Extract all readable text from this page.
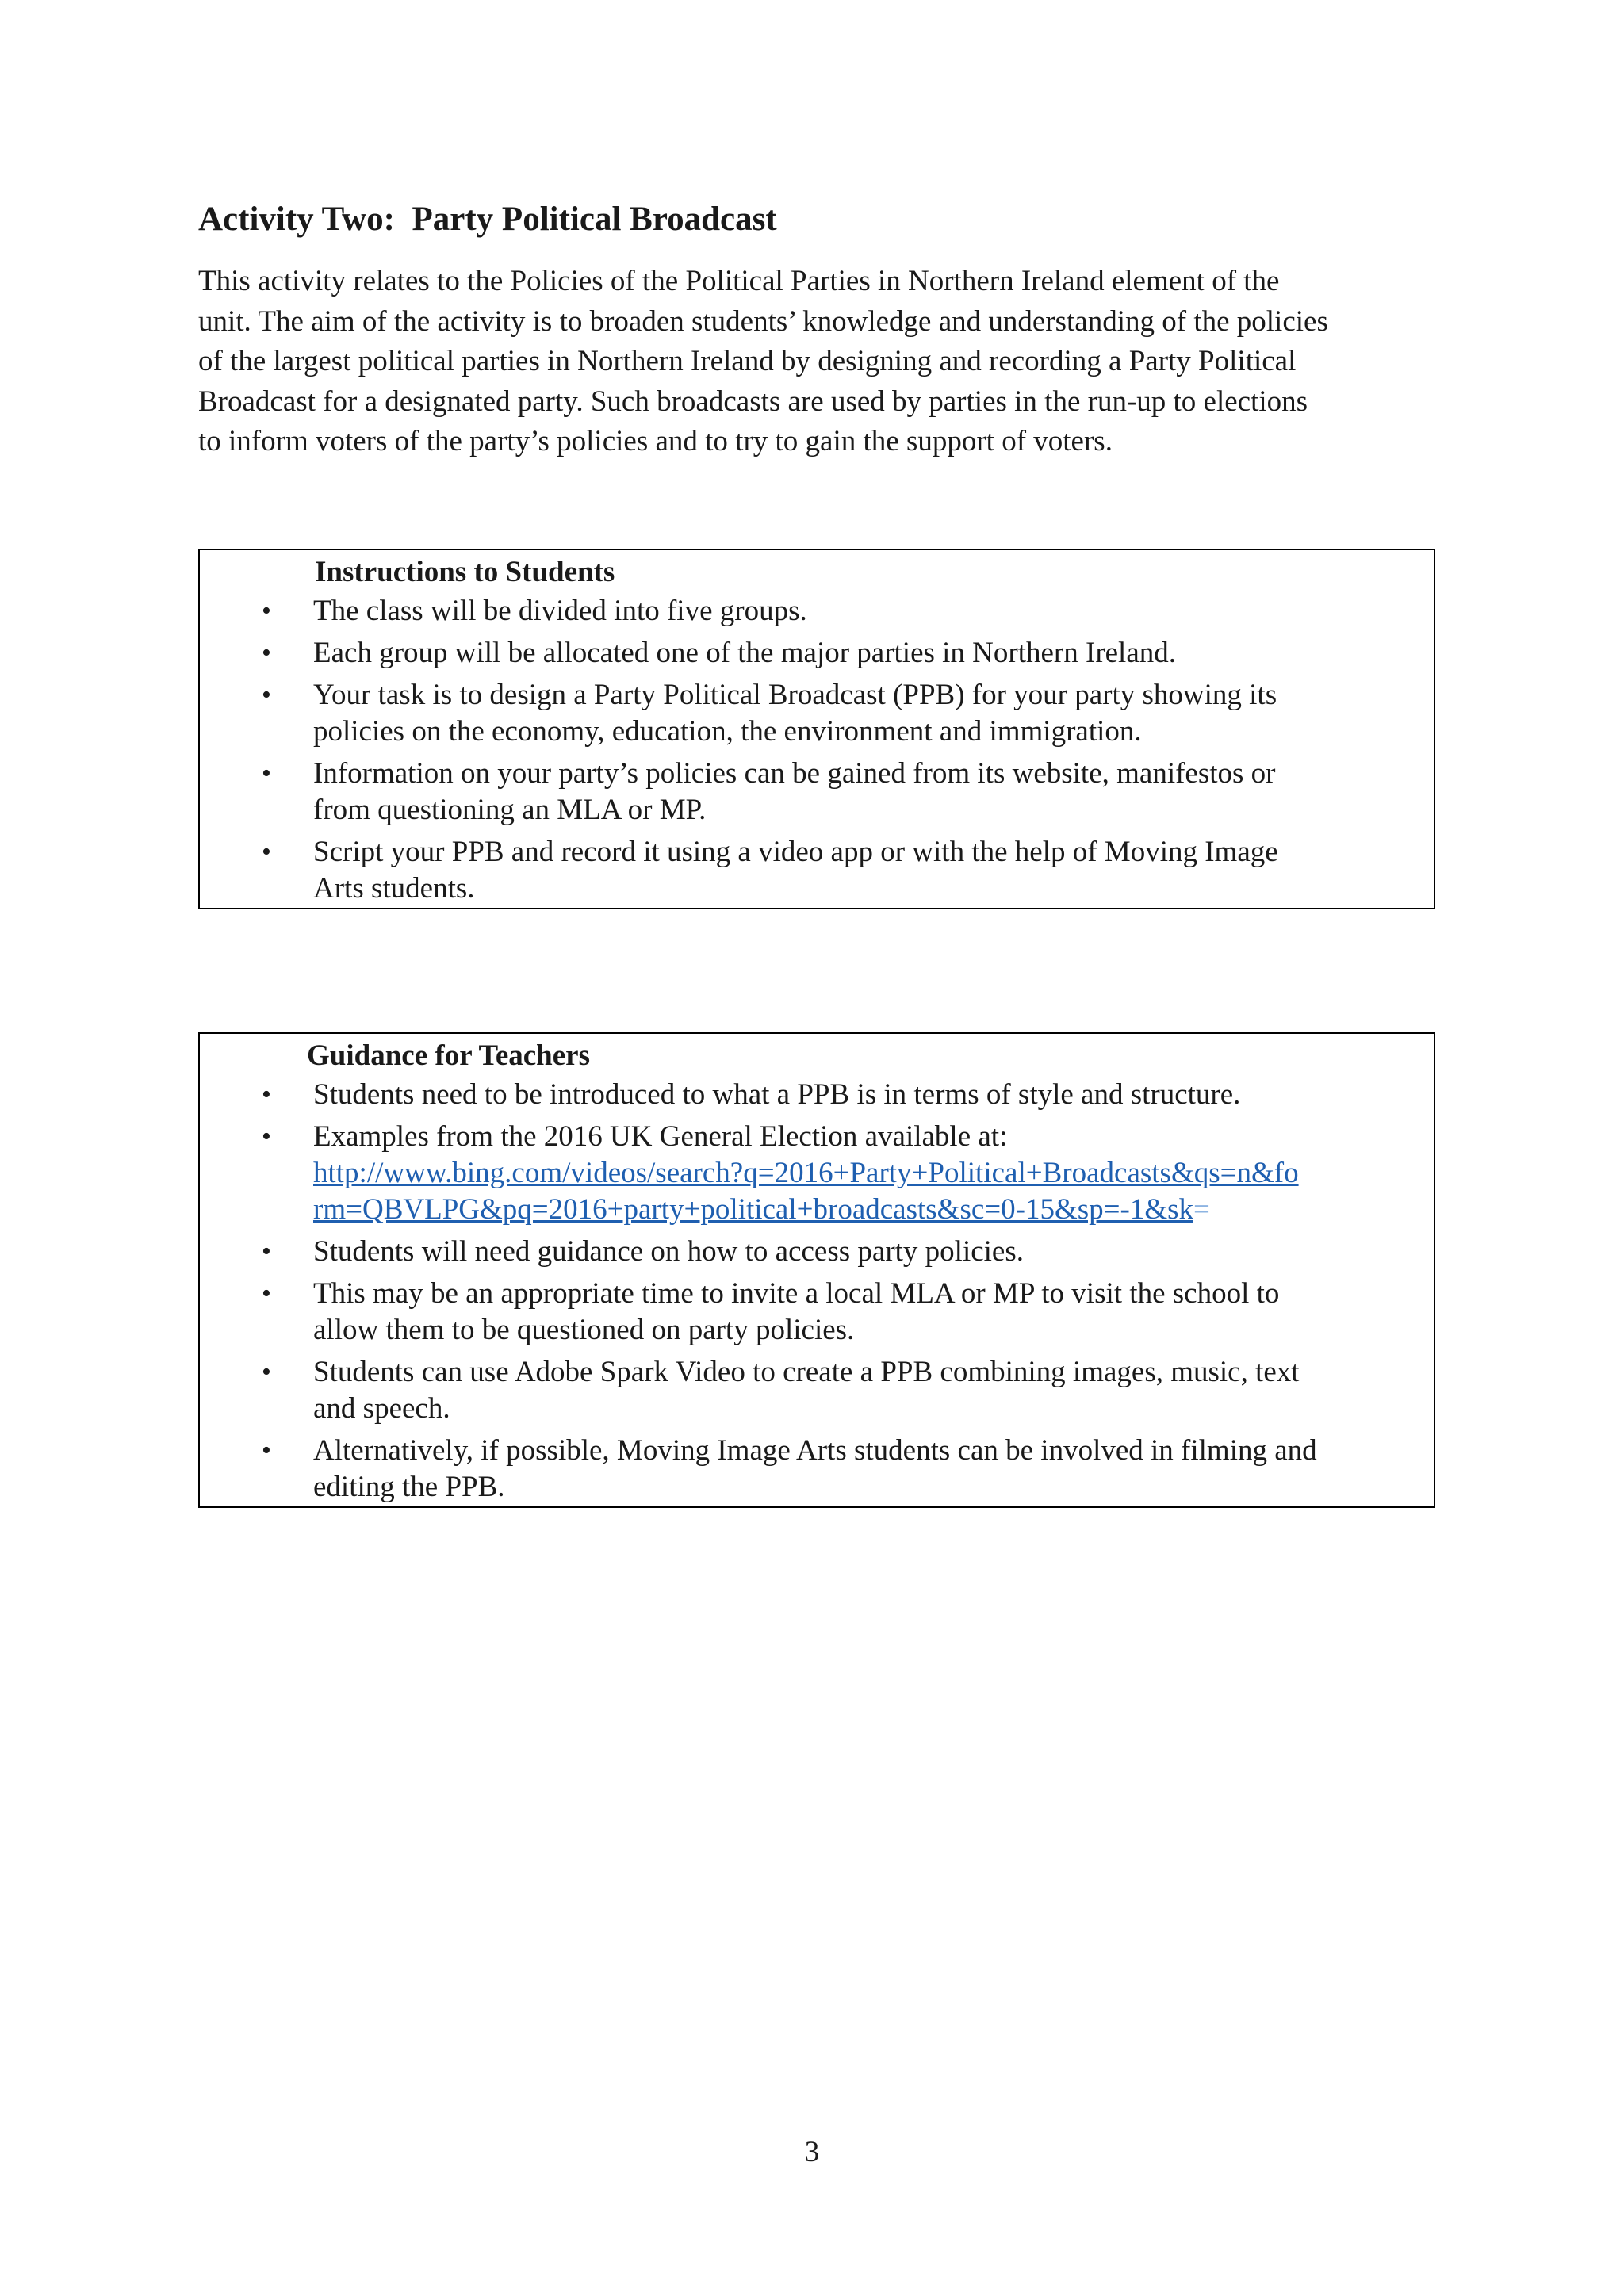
Activity Two:  Party Political Broadcast
This activity relates to the Policies of the Political Parties in Northern Ireland element of the
unit. The aim of the activity is to broaden students’ knowledge and understanding of the policies
of the largest political parties in Northern Ireland by designing and recording a Party Political
Broadcast for a designated party. Such broadcasts are used by parties in the run-up to elections
to inform voters of the party’s policies and to try to gain the support of voters.
Instructions to Students
• The class will be divided into five groups.
• Each group will be allocated one of the major parties in Northern Ireland.
• Your task is to design a Party Political Broadcast (PPB) for your party showing its
policies on the economy, education, the environment and immigration.
• Information on your party’s policies can be gained from its website, manifestos or
from questioning an MLA or MP.
• Script your PPB and record it using a video app or with the help of Moving Image
Arts students.
Guidance for Teachers
• Students need to be introduced to what a PPB is in terms of style and structure.
• Examples from the 2016 UK General Election available at:
http://www.bing.com/videos/search?q=2016+Party+Political+Broadcasts&qs=n&fo
rm=QBVLPG&pq=2016+party+political+broadcasts&sc=0-15&sp=-1&sk=
• Students will need guidance on how to access party policies.
• This may be an appropriate time to invite a local MLA or MP to visit the school to
allow them to be questioned on party policies.
• Students can use Adobe Spark Video to create a PPB combining images, music, text
and speech.
• Alternatively, if possible, Moving Image Arts students can be involved in filming and
editing the PPB.
3
